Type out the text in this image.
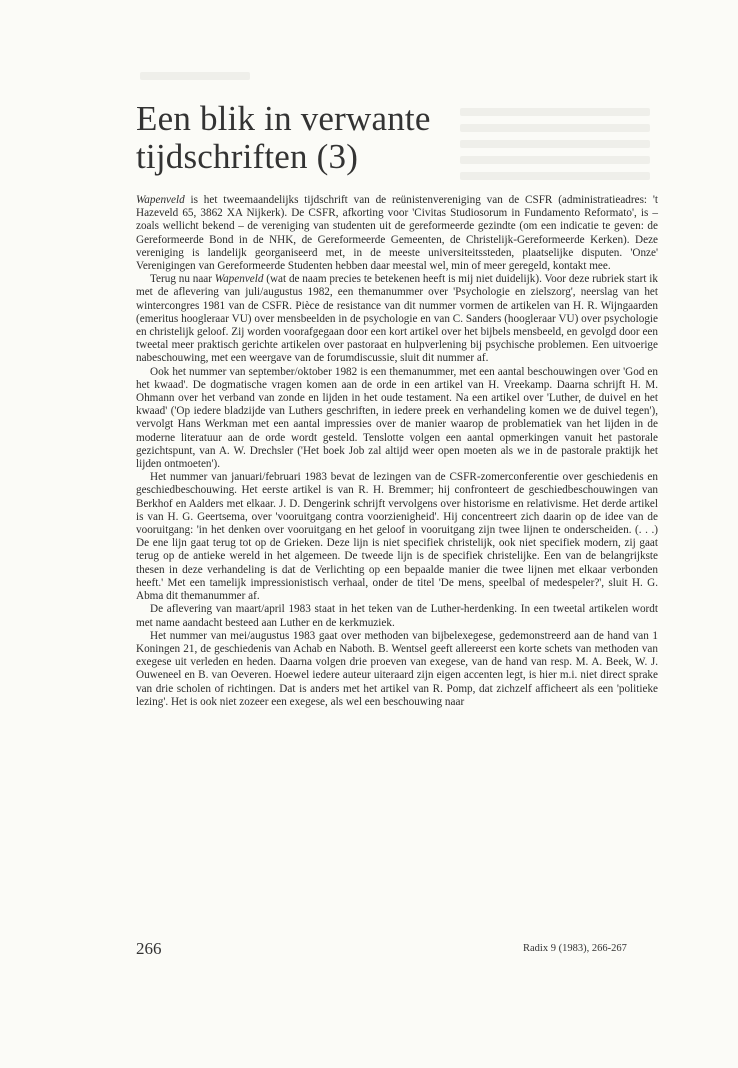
Een blik in verwante
tijdschriften (3)

Wapenveld is het tweemaandelijks tijdschrift van de reünistenvereniging van de CSFR (administratieadres: 't Hazeveld 65, 3862 XA Nijkerk). De CSFR, afkorting voor 'Civitas Studiosorum in Fundamento Reformato', is – zoals wellicht bekend – de vereniging van studenten uit de gereformeerde gezindte (om een indicatie te geven: de Gereformeerde Bond in de NHK, de Gereformeerde Gemeenten, de Christelijk-Gereformeerde Kerken). Deze vereniging is landelijk georganiseerd met, in de meeste universiteitssteden, plaatselijke disputen. 'Onze' Verenigingen van Gereformeerde Studenten hebben daar meestal wel, min of meer geregeld, kontakt mee.

Terug nu naar Wapenveld (wat de naam precies te betekenen heeft is mij niet duidelijk). Voor deze rubriek start ik met de aflevering van juli/augustus 1982, een themanummer over 'Psychologie en zielszorg', neerslag van het wintercongres 1981 van de CSFR. Pièce de resistance van dit nummer vormen de artikelen van H. R. Wijngaarden (emeritus hoogleraar VU) over mensbeelden in de psychologie en van C. Sanders (hoogleraar VU) over psychologie en christelijk geloof. Zij worden voorafgegaan door een kort artikel over het bijbels mensbeeld, en gevolgd door een tweetal meer praktisch gerichte artikelen over pastoraat en hulpverlening bij psychische problemen. Een uitvoerige nabeschouwing, met een weergave van de forumdiscussie, sluit dit nummer af.

Ook het nummer van september/oktober 1982 is een themanummer, met een aantal beschouwingen over 'God en het kwaad'. De dogmatische vragen komen aan de orde in een artikel van H. Vreekamp. Daarna schrijft H. M. Ohmann over het verband van zonde en lijden in het oude testament. Na een artikel over 'Luther, de duivel en het kwaad' ('Op iedere bladzijde van Luthers geschriften, in iedere preek en verhandeling komen we de duivel tegen'), vervolgt Hans Werkman met een aantal impressies over de manier waarop de problematiek van het lijden in de moderne literatuur aan de orde wordt gesteld. Tenslotte volgen een aantal opmerkingen vanuit het pastorale gezichtspunt, van A. W. Drechsler ('Het boek Job zal altijd weer open moeten als we in de pastorale praktijk het lijden ontmoeten').

Het nummer van januari/februari 1983 bevat de lezingen van de CSFR-zomerconferentie over geschiedenis en geschiedbeschouwing. Het eerste artikel is van R. H. Bremmer; hij confronteert de geschiedbeschouwingen van Berkhof en Aalders met elkaar. J. D. Dengerink schrijft vervolgens over historisme en relativisme. Het derde artikel is van H. G. Geertsema, over 'vooruitgang contra voorzienigheid'. Hij concentreert zich daarin op de idee van de vooruitgang: 'in het denken over vooruitgang en het geloof in vooruitgang zijn twee lijnen te onderscheiden. (. . .) De ene lijn gaat terug tot op de Grieken. Deze lijn is niet specifiek christelijk, ook niet specifiek modern, zij gaat terug op de antieke wereld in het algemeen. De tweede lijn is de specifiek christelijke. Een van de belangrijkste thesen in deze verhandeling is dat de Verlichting op een bepaalde manier die twee lijnen met elkaar verbonden heeft.' Met een tamelijk impressionistisch verhaal, onder de titel 'De mens, speelbal of medespeler?', sluit H. G. Abma dit themanummer af.

De aflevering van maart/april 1983 staat in het teken van de Luther-herdenking. In een tweetal artikelen wordt met name aandacht besteed aan Luther en de kerkmuziek.

Het nummer van mei/augustus 1983 gaat over methoden van bijbelexegese, gedemonstreerd aan de hand van 1 Koningen 21, de geschiedenis van Achab en Naboth. B. Wentsel geeft allereerst een korte schets van methoden van exegese uit verleden en heden. Daarna volgen drie proeven van exegese, van de hand van resp. M. A. Beek, W. J. Ouweneel en B. van Oeveren. Hoewel iedere auteur uiteraard zijn eigen accenten legt, is hier m.i. niet direct sprake van drie scholen of richtingen. Dat is anders met het artikel van R. Pomp, dat zichzelf afficheert als een 'politieke lezing'. Het is ook niet zozeer een exegese, als wel een beschouwing naar

266	Radix 9 (1983), 266-267
